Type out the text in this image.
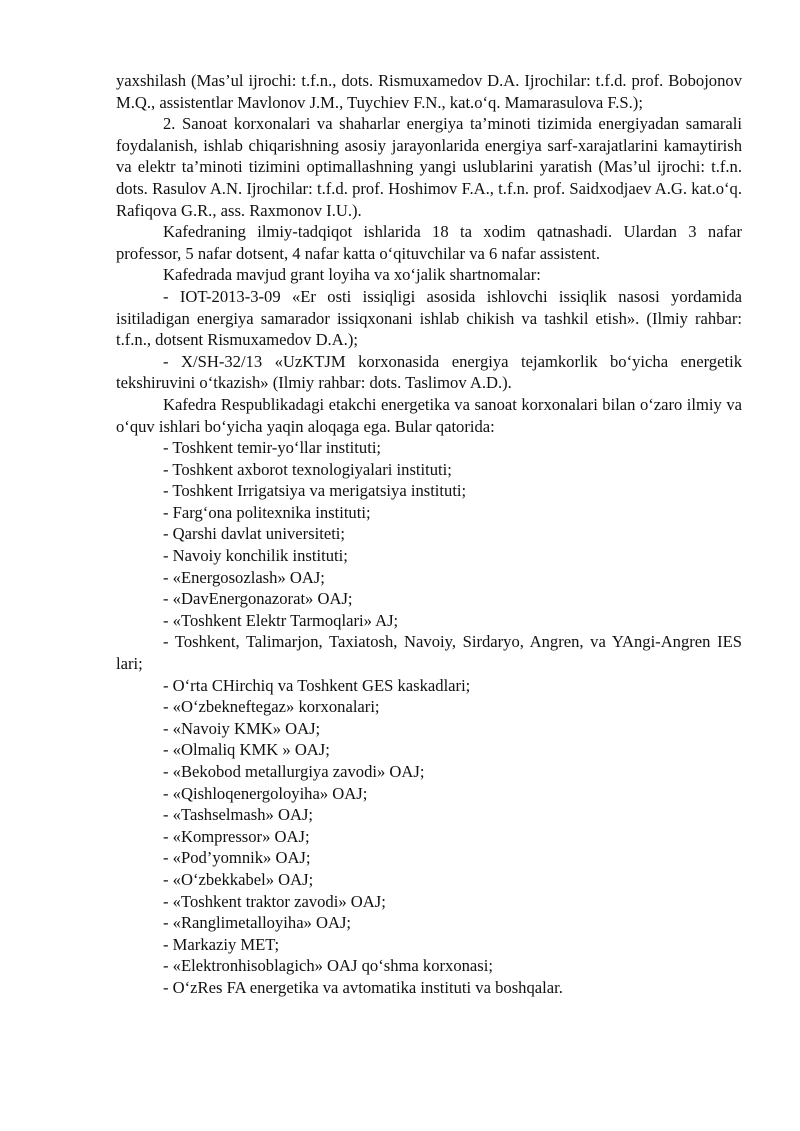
yaxshilash (Mas’ul ijrochi: t.f.n., dots. Rismuxamedov D.A. Ijrochilar: t.f.d. prof. Bobojonov M.Q., assistentlar Mavlonov J.M., Tuychiev F.N., kat.o‘q. Mamarasulova F.S.);

2. Sanoat korxonalari va shaharlar energiya ta’minoti tizimida energiyadan samarali foydalanish, ishlab chiqarishning asosiy jarayonlarida energiya sarf-xarajatlarini kamaytirish va elektr ta’minoti tizimini optimallashning yangi uslublarini yaratish (Mas’ul ijrochi: t.f.n. dots. Rasulov A.N. Ijrochilar: t.f.d. prof. Hoshimov F.A., t.f.n. prof. Saidxodjaev A.G. kat.o‘q. Rafiqova G.R., ass. Raxmonov I.U.).

Kafedraning ilmiy-tadqiqot ishlarida 18 ta xodim qatnashadi. Ulardan 3 nafar professor, 5 nafar dotsent, 4 nafar katta o‘qituvchilar va 6 nafar assistent.

Kafedrada mavjud grant loyiha va xo‘jalik shartnomalar:

- IOT-2013-3-09 «Er osti issiqligi asosida ishlovchi issiqlik nasosi yordamida isitiladigan energiya samarador issiqxonani ishlab chikish va tashkil etish». (Ilmiy rahbar: t.f.n., dotsent Rismuxamedov D.A.);

- X/SH-32/13 «UzKTJM korxonasida energiya tejamkorlik bo‘yicha energetik tekshiruvini o‘tkazish» (Ilmiy rahbar: dots. Taslimov A.D.).

Kafedra Respublikadagi etakchi energetika va sanoat korxonalari bilan o‘zaro ilmiy va o‘quv ishlari bo‘yicha yaqin aloqaga ega. Bular qatorida:

- Toshkent temir-yo‘llar instituti;
- Toshkent axborot texnologiyalari instituti;
- Toshkent Irrigatsiya va merigatsiya instituti;
- Farg‘ona politexnika instituti;
- Qarshi davlat universiteti;
- Navoiy konchilik instituti;
- «Energosozlash» OAJ;
- «DavEnergonazorat» OAJ;
- «Toshkent Elektr Tarmoqlari» AJ;
- Toshkent, Talimarjon, Taxiatosh, Navoiy, Sirdaryo, Angren, va YAngi-Angren IES lari;
- O‘rta CHirchiq va Toshkent GES kaskadlari;
- «O‘zbekneftegaz» korxonalari;
- «Navoiy KMK» OAJ;
- «Olmaliq KMK » OAJ;
- «Bekobod metallurgiya zavodi» OAJ;
- «Qishloqenergoloyiha» OAJ;
- «Tashselmash» OAJ;
- «Kompressor» OAJ;
- «Pod’yomnik» OAJ;
- «O‘zbekkabel» OAJ;
- «Toshkent traktor zavodi» OAJ;
- «Ranglimetalloyiha» OAJ;
- Markaziy MET;
- «Elektronhisoblagich» OAJ qo‘shma korxonasi;
- O‘zRes FA energetika va avtomatika instituti va boshqalar.
